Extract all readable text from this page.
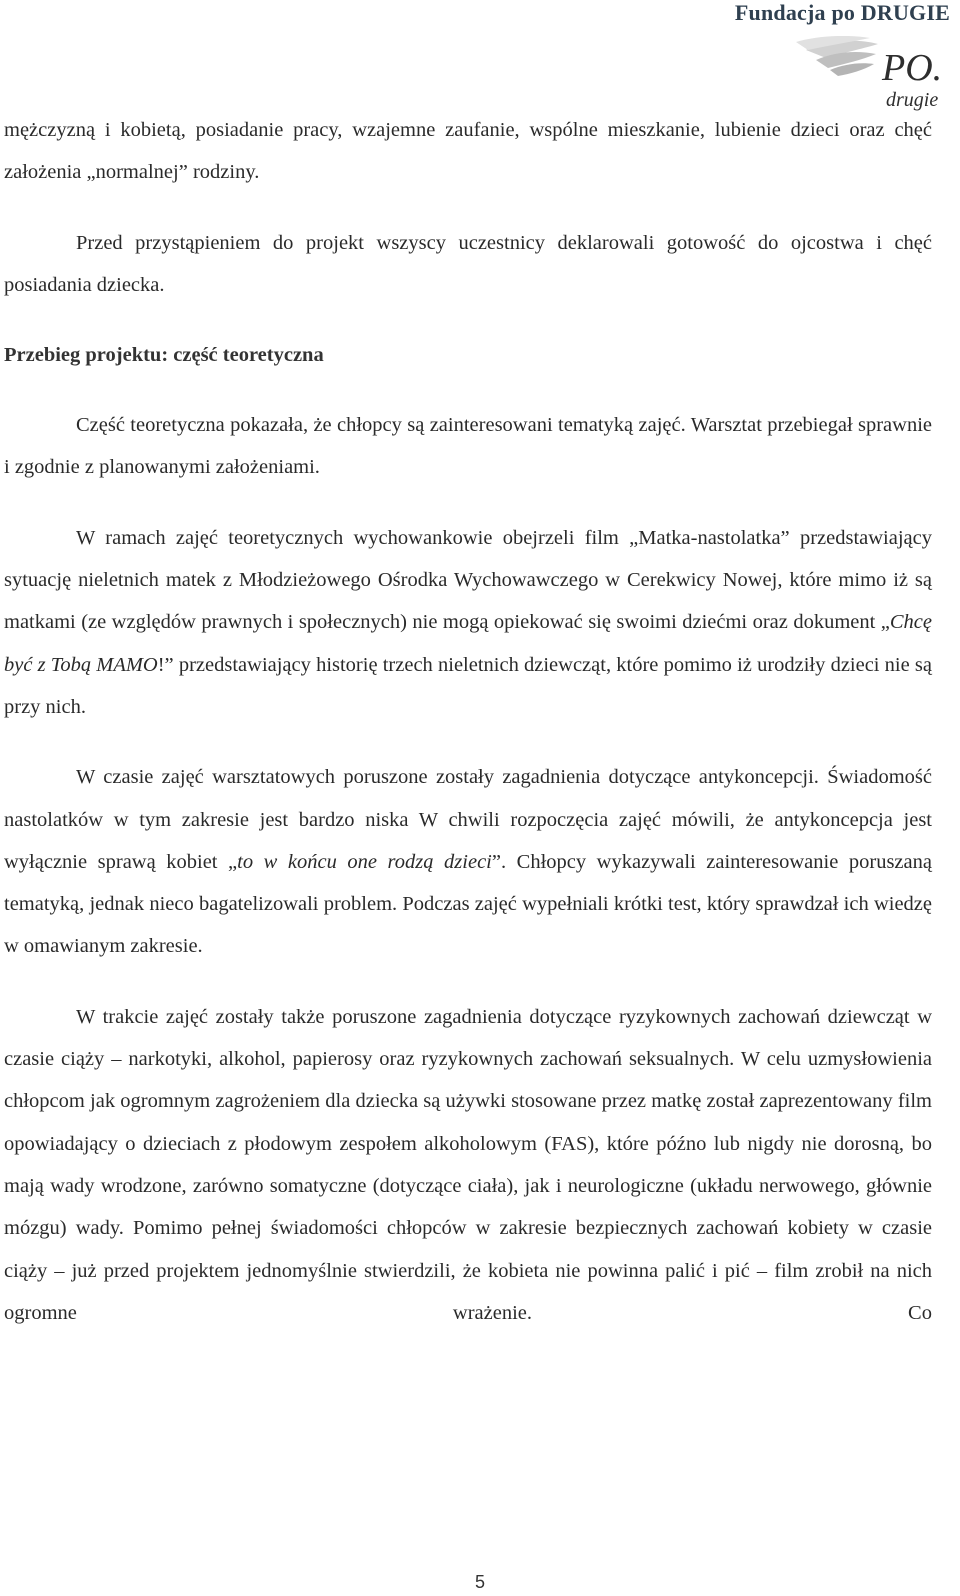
Fundacja po DRUGIE
PO.
drugie

mężczyzną i kobietą, posiadanie pracy, wzajemne zaufanie, wspólne mieszkanie, lubienie dzieci oraz chęć założenia „normalnej” rodziny.

Przed przystąpieniem do projekt wszyscy uczestnicy deklarowali gotowość do ojcostwa i chęć posiadania dziecka.

Przebieg projektu: część teoretyczna

Część teoretyczna pokazała, że chłopcy są zainteresowani tematyką zajęć. Warsztat przebiegał sprawnie i zgodnie z planowanymi założeniami.

W ramach zajęć teoretycznych wychowankowie obejrzeli film „Matka-nastolatka” przedstawiający sytuację nieletnich matek z Młodzieżowego Ośrodka Wychowawczego w Cerekwicy Nowej, które mimo iż są matkami (ze względów prawnych i społecznych) nie mogą opiekować się swoimi dziećmi oraz dokument „Chcę być z Tobą MAMO!” przedstawiający historię trzech nieletnich dziewcząt, które pomimo iż urodziły dzieci nie są przy nich.

W czasie zajęć warsztatowych poruszone zostały zagadnienia dotyczące antykoncepcji. Świadomość nastolatków w tym zakresie jest bardzo niska W chwili rozpoczęcia zajęć mówili, że antykoncepcja jest wyłącznie sprawą kobiet „to w końcu one rodzą dzieci”. Chłopcy wykazywali zainteresowanie poruszaną tematyką, jednak nieco bagatelizowali problem. Podczas zajęć wypełniali krótki test, który sprawdzał ich wiedzę w omawianym zakresie.

W trakcie zajęć zostały także poruszone zagadnienia dotyczące ryzykownych zachowań dziewcząt w czasie ciąży – narkotyki, alkohol, papierosy oraz ryzykownych zachowań seksualnych. W celu uzmysłowienia chłopcom jak ogromnym zagrożeniem dla dziecka są używki stosowane przez matkę został zaprezentowany film opowiadający o dzieciach z płodowym zespołem alkoholowym (FAS), które późno lub nigdy nie dorosną, bo mają wady wrodzone, zarówno somatyczne (dotyczące ciała), jak i neurologiczne (układu nerwowego, głównie mózgu) wady. Pomimo pełnej świadomości chłopców w zakresie bezpiecznych zachowań kobiety w czasie ciąży – już przed projektem jednomyślnie stwierdzili, że kobieta nie powinna palić i pić – film zrobił na nich ogromne wrażenie. Co

5
